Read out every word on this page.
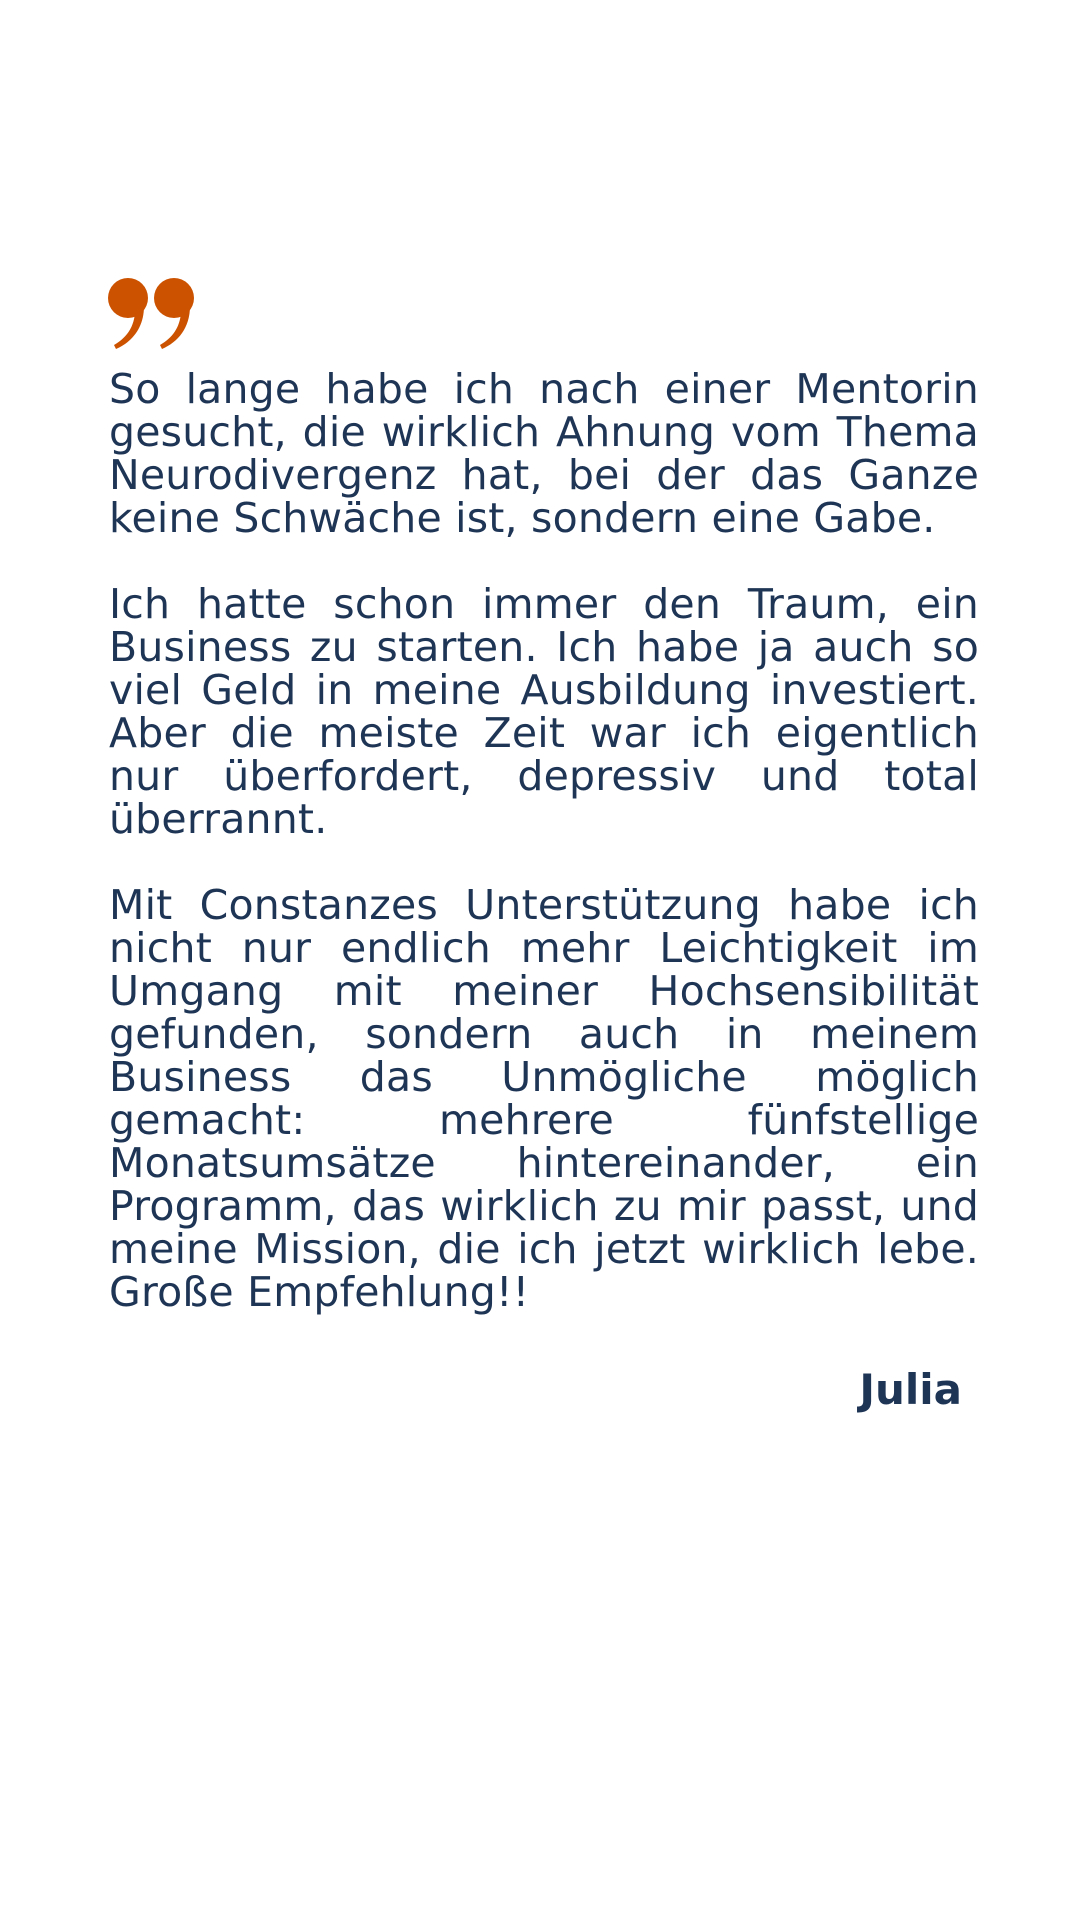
So lange habe ich nach einer Mentorin gesucht, die wirklich Ahnung vom Thema Neurodivergenz hat, bei der das Ganze keine Schwäche ist, sondern eine Gabe.

Ich hatte schon immer den Traum, ein Business zu starten. Ich habe ja auch so viel Geld in meine Ausbildung investiert. Aber die meiste Zeit war ich eigentlich nur überfordert, depressiv und total überrannt.

Mit Constanzes Unterstützung habe ich nicht nur endlich mehr Leichtigkeit im Umgang mit meiner Hochsensibilität gefunden, sondern auch in meinem Business das Unmögliche möglich gemacht: mehrere fünfstellige Monatsumsätze hintereinander, ein Programm, das wirklich zu mir passt, und meine Mission, die ich jetzt wirklich lebe. Große Empfehlung!!

Julia
